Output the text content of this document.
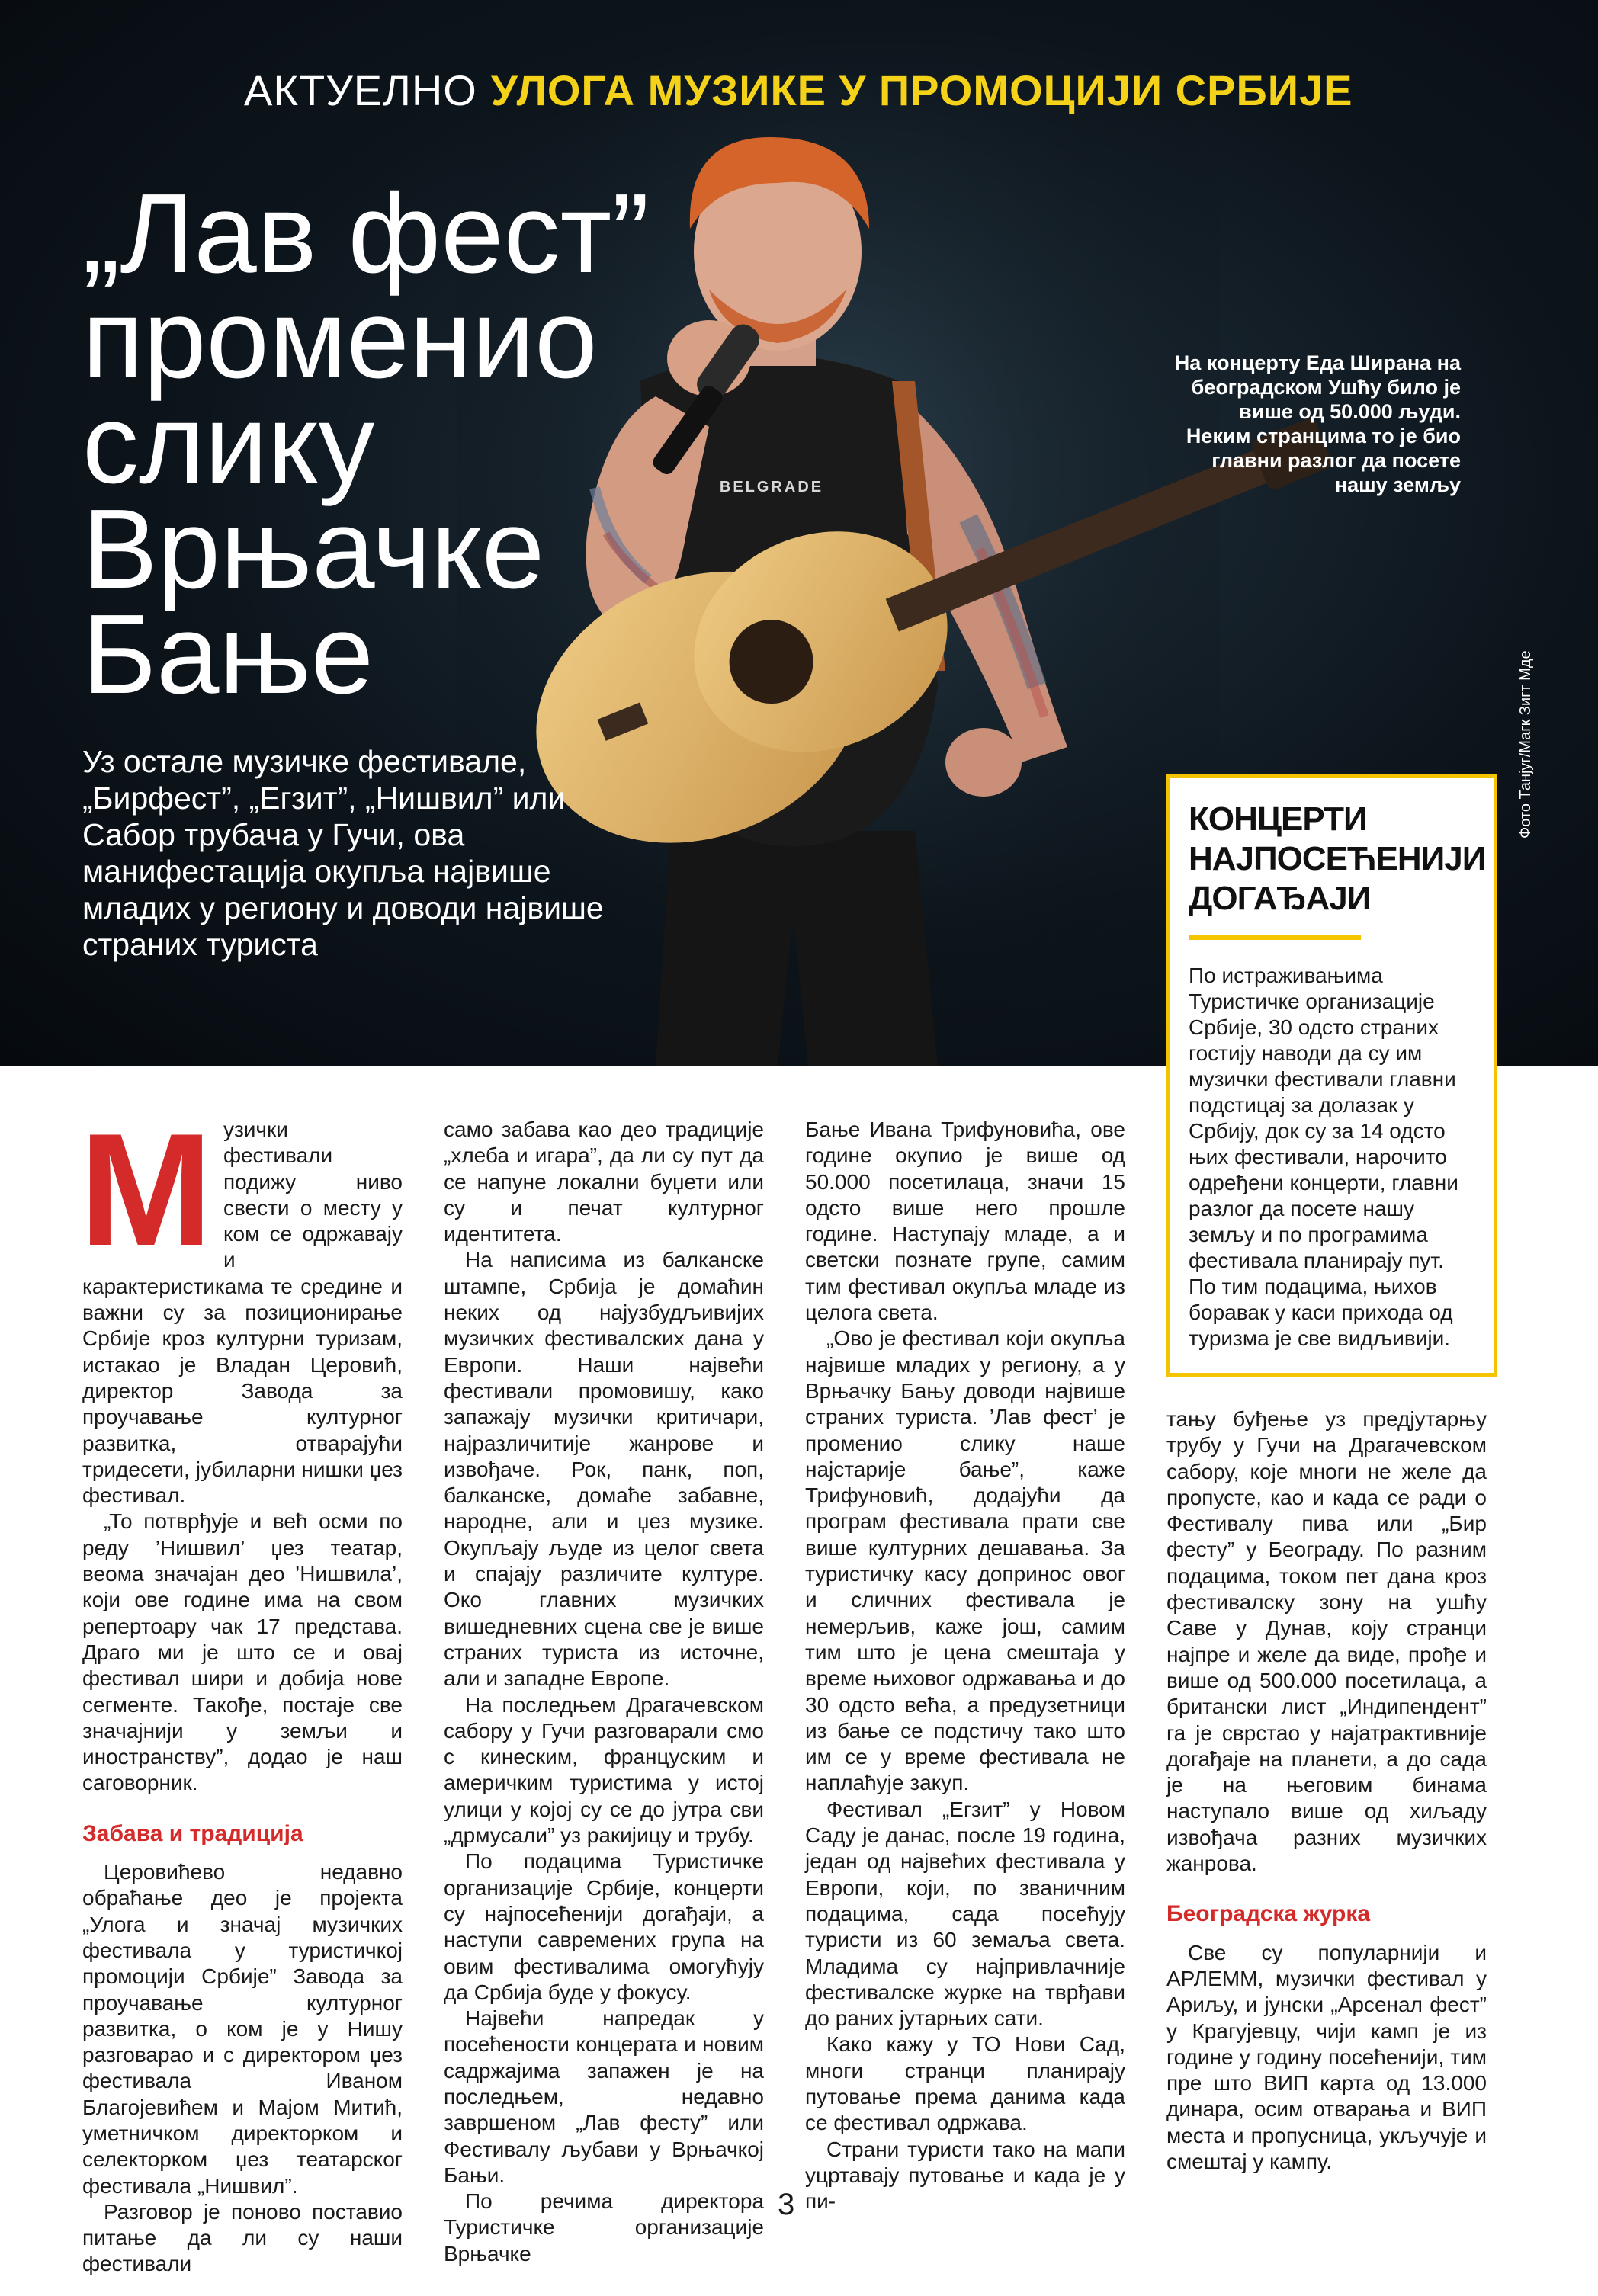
BELGRADE
АКТУЕЛНО УЛОГА МУЗИКЕ У ПРОМОЦИЈИ СРБИЈЕ
„Лав фест” променио слику Врњачке Бање

Уз остале музичке фестивале, „Бирфест”, „Егзит”, „Нишвил” или Сабор трубача у Гучи, ова манифестација окупља највише младих у региону и доводи највише страних туриста

На концерту Еда Ширана на београдском Ушћу било је више од 50.000 људи. Неким странцима то је био главни разлог да посете нашу земљу
Фото Танјуг/Магк Зигт Мде
КОНЦЕРТИ НАЈПОСЕЋЕНИЈИ ДОГАЂАЈИ

По истраживањима Туристичке организације Србије, 30 одсто страних гостију наводи да су им музички фестивали главни подстицај за долазак у Србију, док су за 14 одсто њих фестивали, нарочито одређени концерти, главни разлог да посете нашу земљу и по програмима фестивала планирају пут. По тим подацима, њихов боравак у каси прихода од туризма је све видљивији.

Музички фестивали подижу ниво свести о месту у ком се одржавају и карактеристикама те средине и важни су за позиционирање Србије кроз културни туризам, истакао је Владан Церовић, директор Завода за проучавање културног развитка, отварајући тридесети, јубиларни нишки џез фестивал.

„То потврђује и већ осми по реду ’Нишвил’ џез театар, веома значајан део ’Нишвила’, који ове године има на свом репертоару чак 17 представа. Драго ми је што се и овај фестивал шири и добија нове сегменте. Такође, постаје све значајнији у земљи и иностранству”, додао је наш саговорник.

Забава и традиција

Церовићево недавно обраћање део је пројекта „Улога и значај музичких фестивала у туристичкој промоцији Србије” Завода за проучавање културног развитка, о ком је у Нишу разговарао и с директором џез фестивала Иваном Благојевићем и Мајом Митић, уметничком директорком и селекторком џез театарског фестивала „Нишвил”.

Разговор је поново поставио питање да ли су наши фестивали

само забава као део традиције „хлеба и игара”, да ли су пут да се напуне локални буџети или су и печат културног идентитета.

На написима из балканске штампе, Србија је домаћин неких од најузбудљивијих музичких фестивалских дана у Европи. Наши највећи фестивали промовишу, како запажају музички критичари, најразличитије жанрове и извођаче. Рок, панк, поп, балканске, домаће забавне, народне, али и џез музике. Окупљају људе из целог света и спајају различите културе. Око главних музичких вишедневних сцена све је више страних туриста из источне, али и западне Европе.

На последњем Драгачевском сабору у Гучи разговарали смо с кинеским, француским и америчким туристима у истој улици у којој су се до јутра сви „дрмусали” уз ракијицу и трубу.

По подацима Туристичке организације Србије, концерти су најпосећенији догађаји, а наступи савремених група на овим фестивалима омогућују да Србија буде у фокусу.

Највећи напредак у посећености концерата и новим садржајима запажен је на последњем, недавно завршеном „Лав фесту” или Фестивалу љубави у Врњачкој Бањи.

По речима директора Туристичке организације Врњачке

Бање Ивана Трифуновића, ове године окупио је више од 50.000 посетилаца, значи 15 одсто више него прошле године. Наступају младе, а и светски познате групе, самим тим фестивал окупља младе из целога света.

„Ово је фестивал који окупља највише младих у региону, а у Врњачку Бању доводи највише страних туриста. ’Лав фест’ је променио слику наше најстарије бање”, каже Трифуновић, додајући да програм фестивала прати све више културних дешавања. За туристичку касу допринос овог и сличних фестивала је немерљив, каже још, самим тим што је цена смештаја у време њиховог одржавања и до 30 одсто већа, а предузетници из бање се подстичу тако што им се у време фестивала не наплаћује закуп.

Фестивал „Егзит” у Новом Саду је данас, после 19 година, један од највећих фестивала у Европи, који, по званичним подацима, сада посећују туристи из 60 земаља света. Младима су најпривлачније фестивалске журке на тврђави до раних јутарњих сати.

Како кажу у ТО Нови Сад, многи странци планирају путовање према данима када се фестивал одржава.

Страни туристи тако на мапи уцртавају путовање и када је у пи-

тању буђење уз предјутарњу трубу у Гучи на Драгачевском сабору, које многи не желе да пропусте, као и када се ради о Фестивалу пива или „Бир фесту” у Београду. По разним подацима, током пет дана кроз фестивалску зону на ушћу Саве у Дунав, коју странци најпре и желе да виде, прође и више од 500.000 посетилаца, а британски лист „Индипендент” га је сврстао у најатрактивније догађаје на планети, а до сада је на његовим бинама наступало више од хиљаду извођача разних музичких жанрова.

Београдска журка

Све су популарнији и АРЛЕММ, музички фестивал у Ариљу, и јунски „Арсенал фест” у Крагујевцу, чији камп је из године у годину посећенији, тим пре што ВИП карта од 13.000 динара, осим отварања и ВИП места и пропусница, укључује и смештај у кампу.

3
